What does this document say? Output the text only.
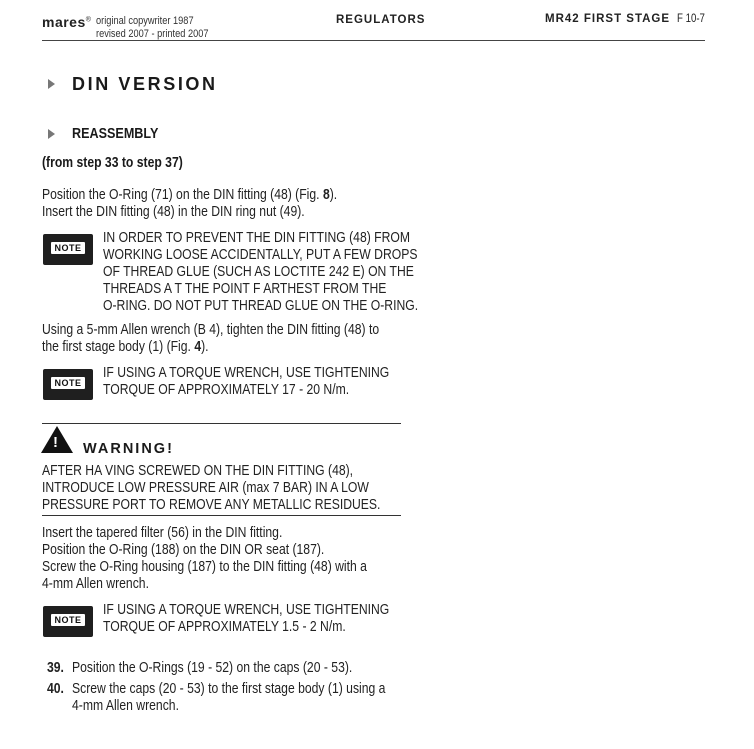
mares® original copywriter 1987
revised 2007 - printed 2007
REGULATORS	MR42 FIRST STAGE F 10-7
DIN VERSION
REASSEMBLY
(from step 33 to step 37)
Position the O-Ring (71) on the DIN fitting (48) (Fig. 8).
Insert the DIN fitting (48) in the DIN ring nut (49).
NOTE
IN ORDER TO PREVENT THE DIN FITTING (48) FROM
WORKING LOOSE ACCIDENTALLY, PUT A FEW DROPS
OF THREAD GLUE (SUCH AS LOCTITE 242 E) ON THE
THREADS A T THE POINT F ARTHEST FROM THE
O-RING. DO NOT PUT THREAD GLUE ON THE O-RING.
Using a 5-mm Allen wrench (B 4), tighten the DIN fitting (48) to
the first stage body (1) (Fig. 4).
NOTE
IF USING A TORQUE WRENCH, USE TIGHTENING
TORQUE OF APPROXIMATELY 17 - 20 N/m.
! WARNING!
AFTER HA VING SCREWED ON THE DIN FITTING (48),
INTRODUCE LOW PRESSURE AIR (max 7 BAR) IN A LOW
PRESSURE PORT TO REMOVE ANY METALLIC RESIDUES.
Insert the tapered filter (56) in the DIN fitting.
Position the O-Ring (188) on the DIN OR seat (187).
Screw the O-Ring housing (187) to the DIN fitting (48) with a
4-mm Allen wrench.
NOTE
IF USING A TORQUE WRENCH, USE TIGHTENING
TORQUE OF APPROXIMATELY 1.5 - 2 N/m.
39. Position the O-Rings (19 - 52) on the caps (20 - 53).
40. Screw the caps (20 - 53) to the first stage body (1) using a
4-mm Allen wrench.
